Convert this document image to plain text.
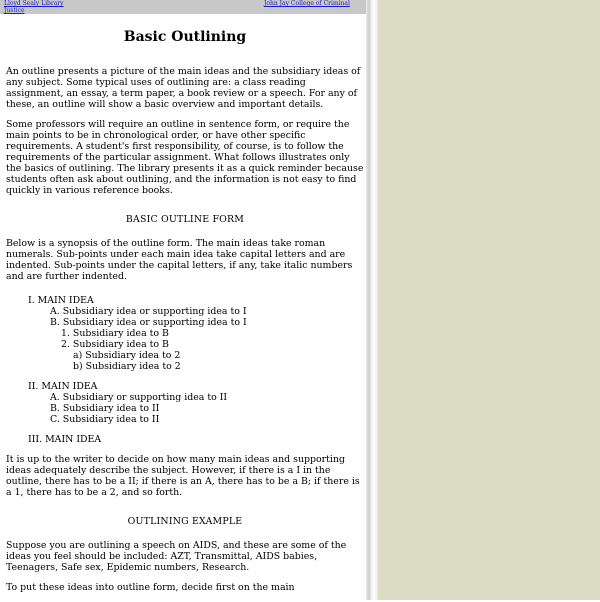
Lloyd Sealy Library
Justice
John Jay College of Criminal
Basic Outlining

An outline presents a picture of the main ideas and the subsidiary ideas of any subject. Some typical uses of outlining are: a class reading assignment, an essay, a term paper, a book review or a speech. For any of these, an outline will show a basic overview and important details.

Some professors will require an outline in sentence form, or require the main points to be in chronological order, or have other specific requirements. A student's first responsibility, of course, is to follow the requirements of the particular assignment. What follows illustrates only the basics of outlining. The library presents it as a quick reminder because students often ask about outlining, and the information is not easy to find quickly in various reference books.

BASIC OUTLINE FORM

Below is a synopsis of the outline form. The main ideas take roman numerals. Sub-points under each main idea take capital letters and are indented. Sub-points under the capital letters, if any, take italic numbers and are further indented.

I. MAIN IDEA
A. Subsidiary idea or supporting idea to I
B. Subsidiary idea or supporting idea to I
1. Subsidiary idea to B
2. Subsidiary idea to B
a) Subsidiary idea to 2
b) Subsidiary idea to 2
II. MAIN IDEA
A. Subsidiary or supporting idea to II
B. Subsidiary idea to II
C. Subsidiary idea to II
III. MAIN IDEA

It is up to the writer to decide on how many main ideas and supporting ideas adequately describe the subject. However, if there is a I in the outline, there has to be a II; if there is an A, there has to be a B; if there is a 1, there has to be a 2, and so forth.

OUTLINING EXAMPLE

Suppose you are outlining a speech on AIDS, and these are some of the ideas you feel should be included: AZT, Transmittal, AIDS babies, Teenagers, Safe sex, Epidemic numbers, Research.

To put these ideas into outline form, decide first on the main
